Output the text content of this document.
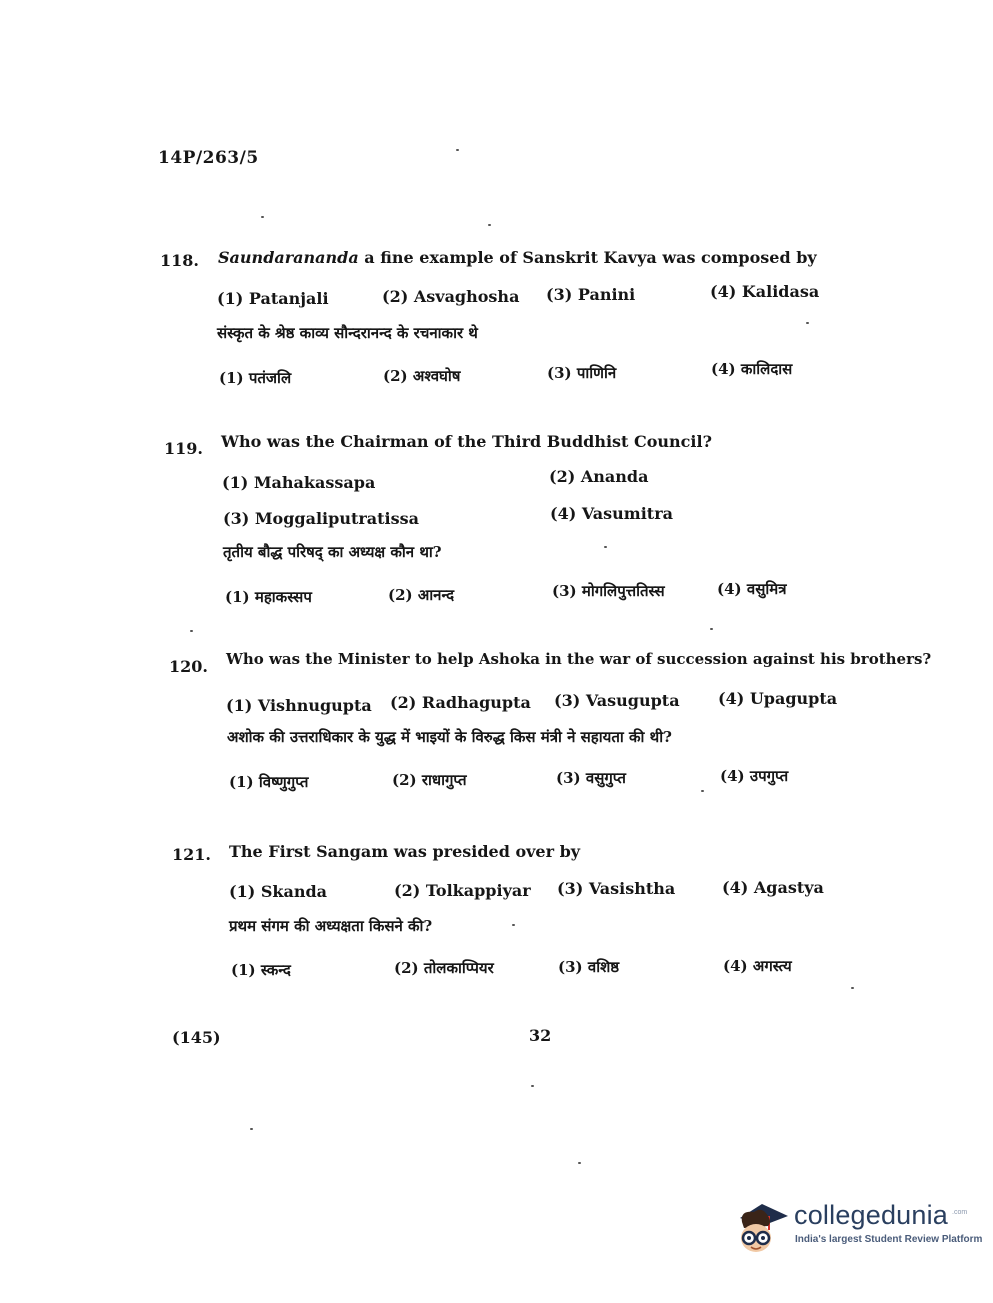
14P/263/5
118. Saundarananda a fine example of Sanskrit Kavya was composed by
(1) Patanjali	(2) Asvaghosha (3) Panini	(4) Kalidasa
संस्कृत के श्रेष्ठ काव्य सौन्दरानन्द के रचनाकार थे
(1) पतंजलि	(2) अश्वघोष	(3) पाणिनि	(4) कालिदास
119. Who was the Chairman of the Third Buddhist Council?
(1) Mahakassapa	(2) Ananda
(3) Moggaliputratissa	(4) Vasumitra
तृतीय बौद्ध परिषद् का अध्यक्ष कौन था?
(1) महाकस्सप	(2) आनन्द	(3) मोगलिपुत्ततिस्स	(4) वसुमित्र
120. Who was the Minister to help Ashoka in the war of succession against his brothers?
(1) Vishnugupta (2) Radhagupta (3) Vasugupta (4) Upagupta
अशोक की उत्तराधिकार के युद्ध में भाइयों के विरुद्ध किस मंत्री ने सहायता की थी?
(1) विष्णुगुप्त	(2) राधागुप्त	(3) वसुगुप्त	(4) उपगुप्त
121. The First Sangam was presided over by
(1) Skanda	(2) Tolkappiyar (3) Vasishtha	(4) Agastya
प्रथम संगम की अध्यक्षता किसने की?
(1) स्कन्द	(2) तोलकाप्पियर	(3) वशिष्ठ	(4) अगस्त्य
(145)	32
collegedunia .com
India's largest Student Review Platform
